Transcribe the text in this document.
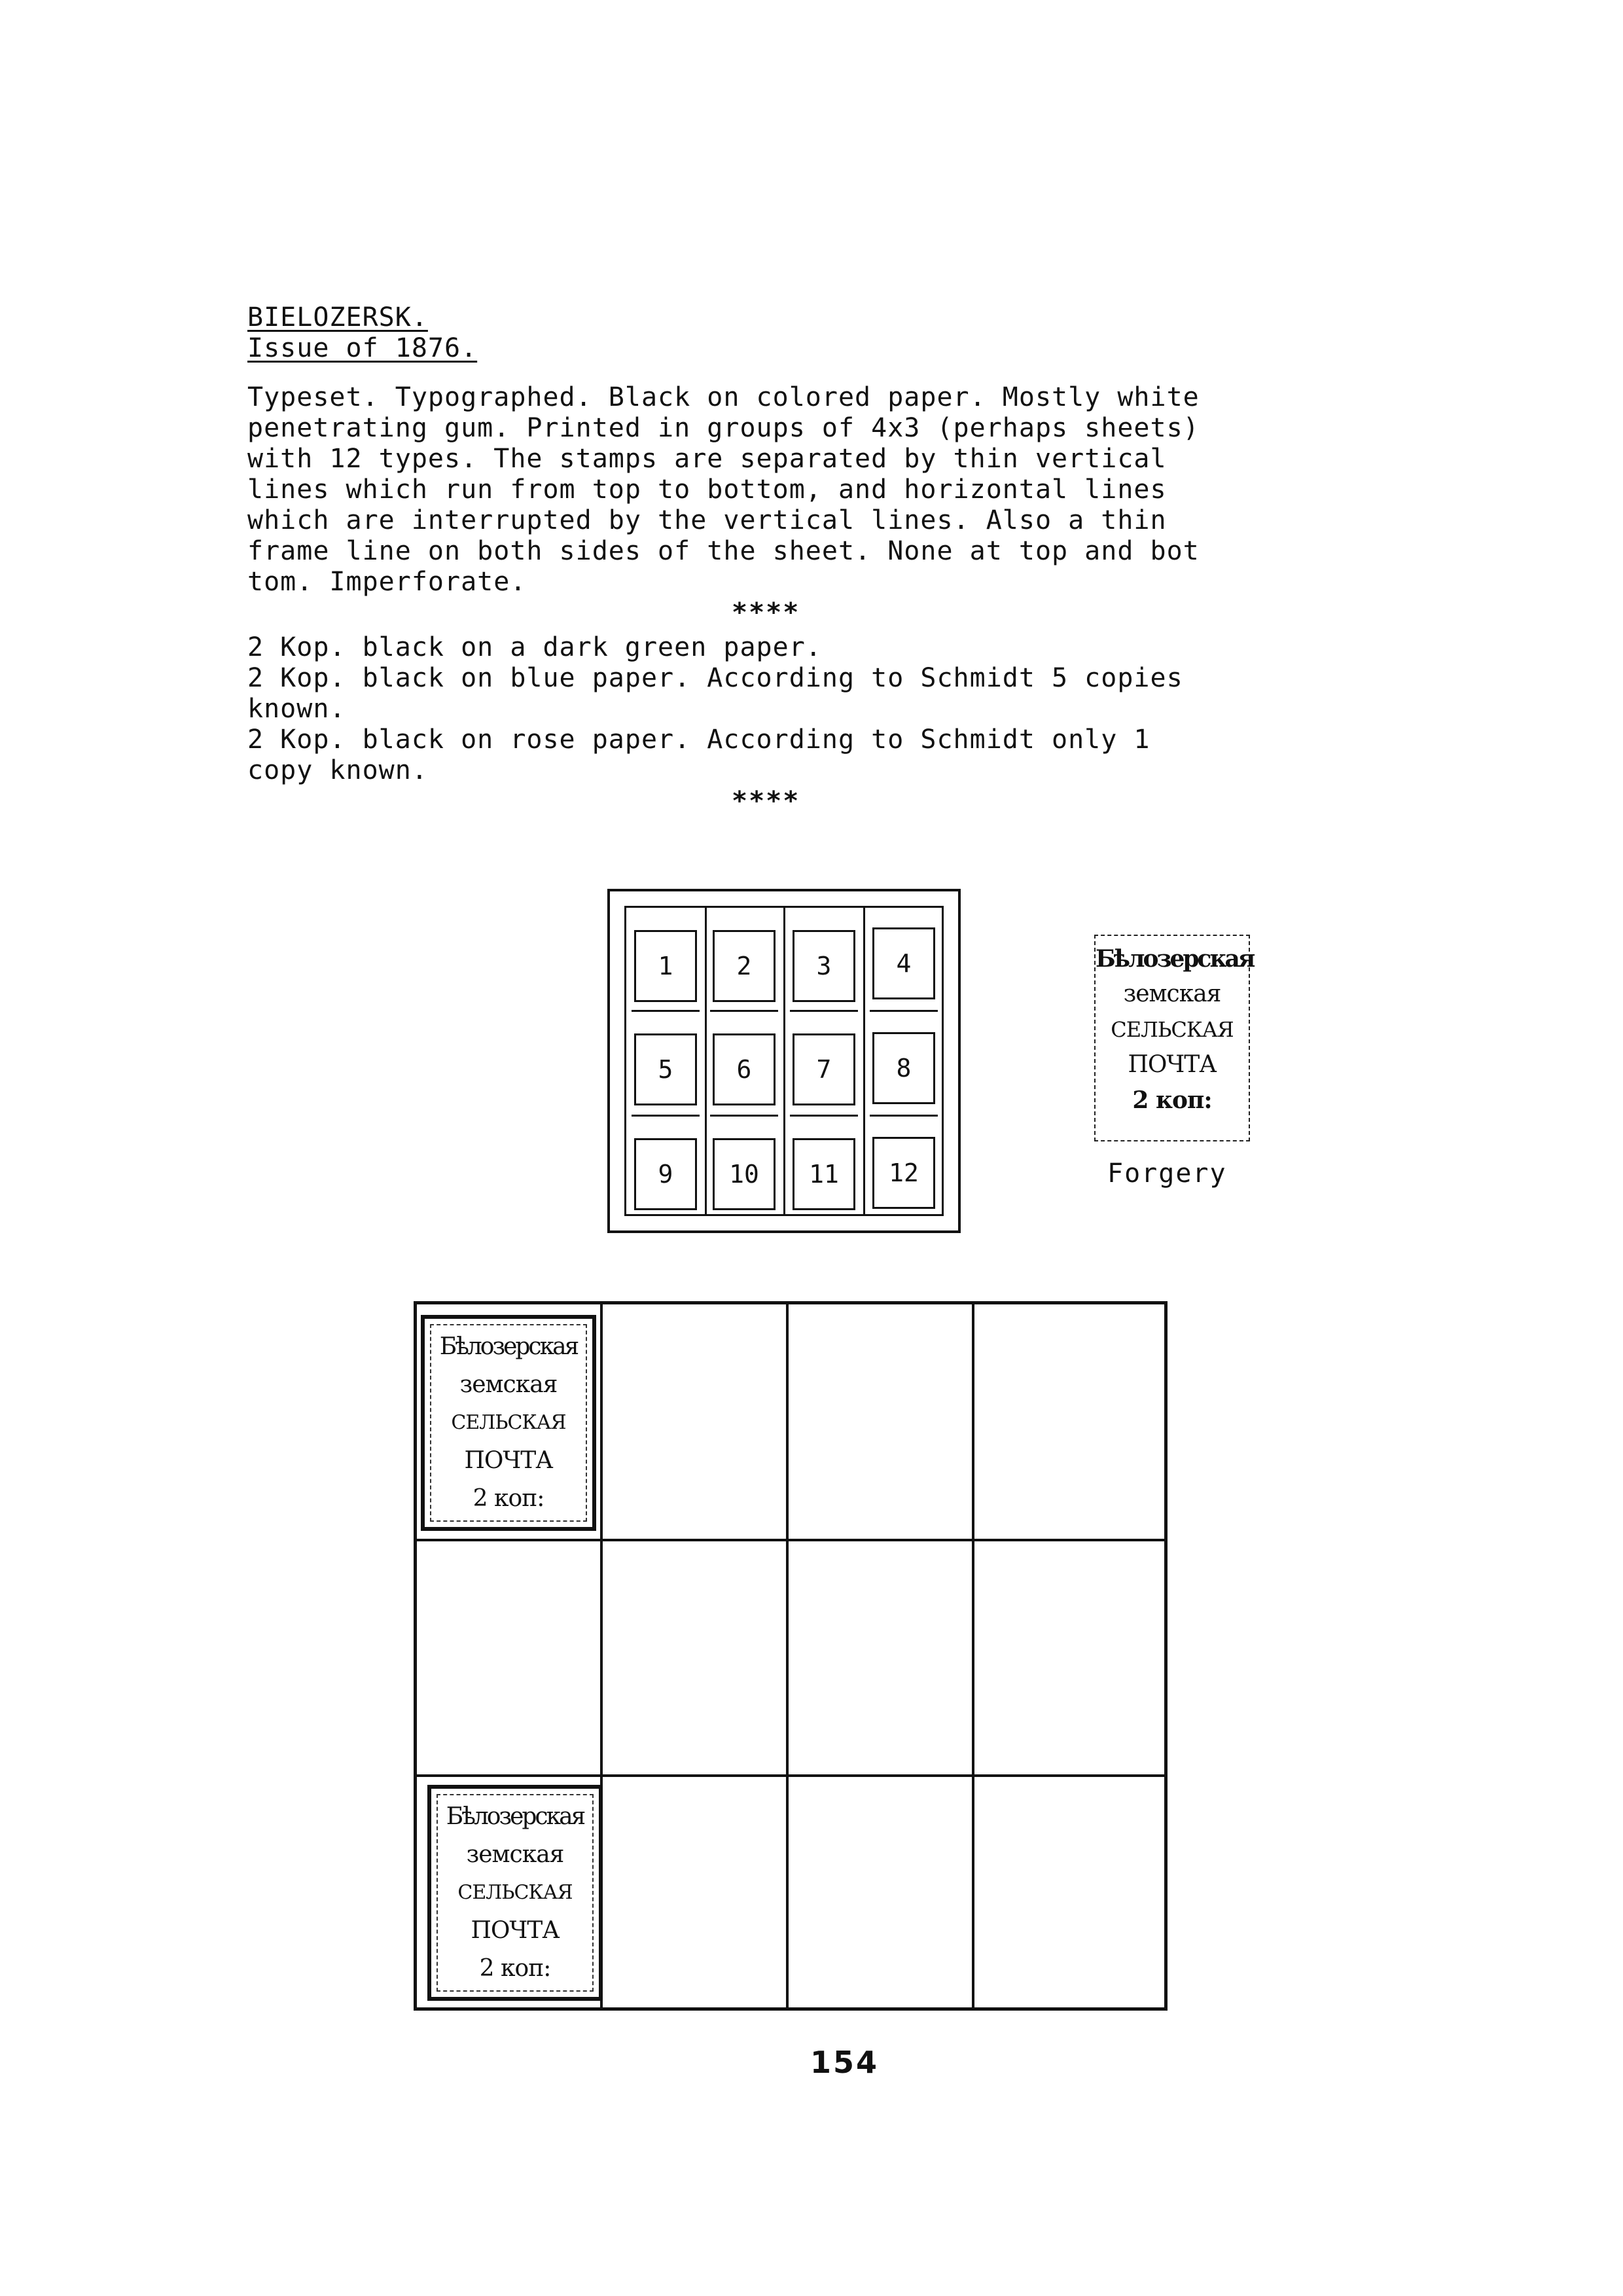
BIELOZERSK.

Issue of 1876.

Typeset. Typographed. Black on colored paper. Mostly white
penetrating gum. Printed in groups of 4x3 (perhaps sheets)
with 12 types. The stamps are separated by thin vertical
lines which run from top to bottom, and horizontal lines
which are interrupted by the vertical lines. Also a thin
frame line on both sides of the sheet. None at top and bot
tom. Imperforate.

****

2 Kop. black on a dark green paper.

2 Kop. black on blue paper. According to Schmidt 5 copies
known.

2 Kop. black on rose paper. According to Schmidt only 1
copy known.

****

1	2	3	4
5	6	7	8
9	10	11	12
Бѣлозерская
земская
СЕЛЬСКАЯ
ПОЧТА
2 коп:
Forgery
Бѣлозерская
земская
СЕЛЬСКАЯ
ПОЧТА
2 коп:
Бѣлозерская
земская
СЕЛЬСКАЯ
ПОЧТА
2 коп:
154
